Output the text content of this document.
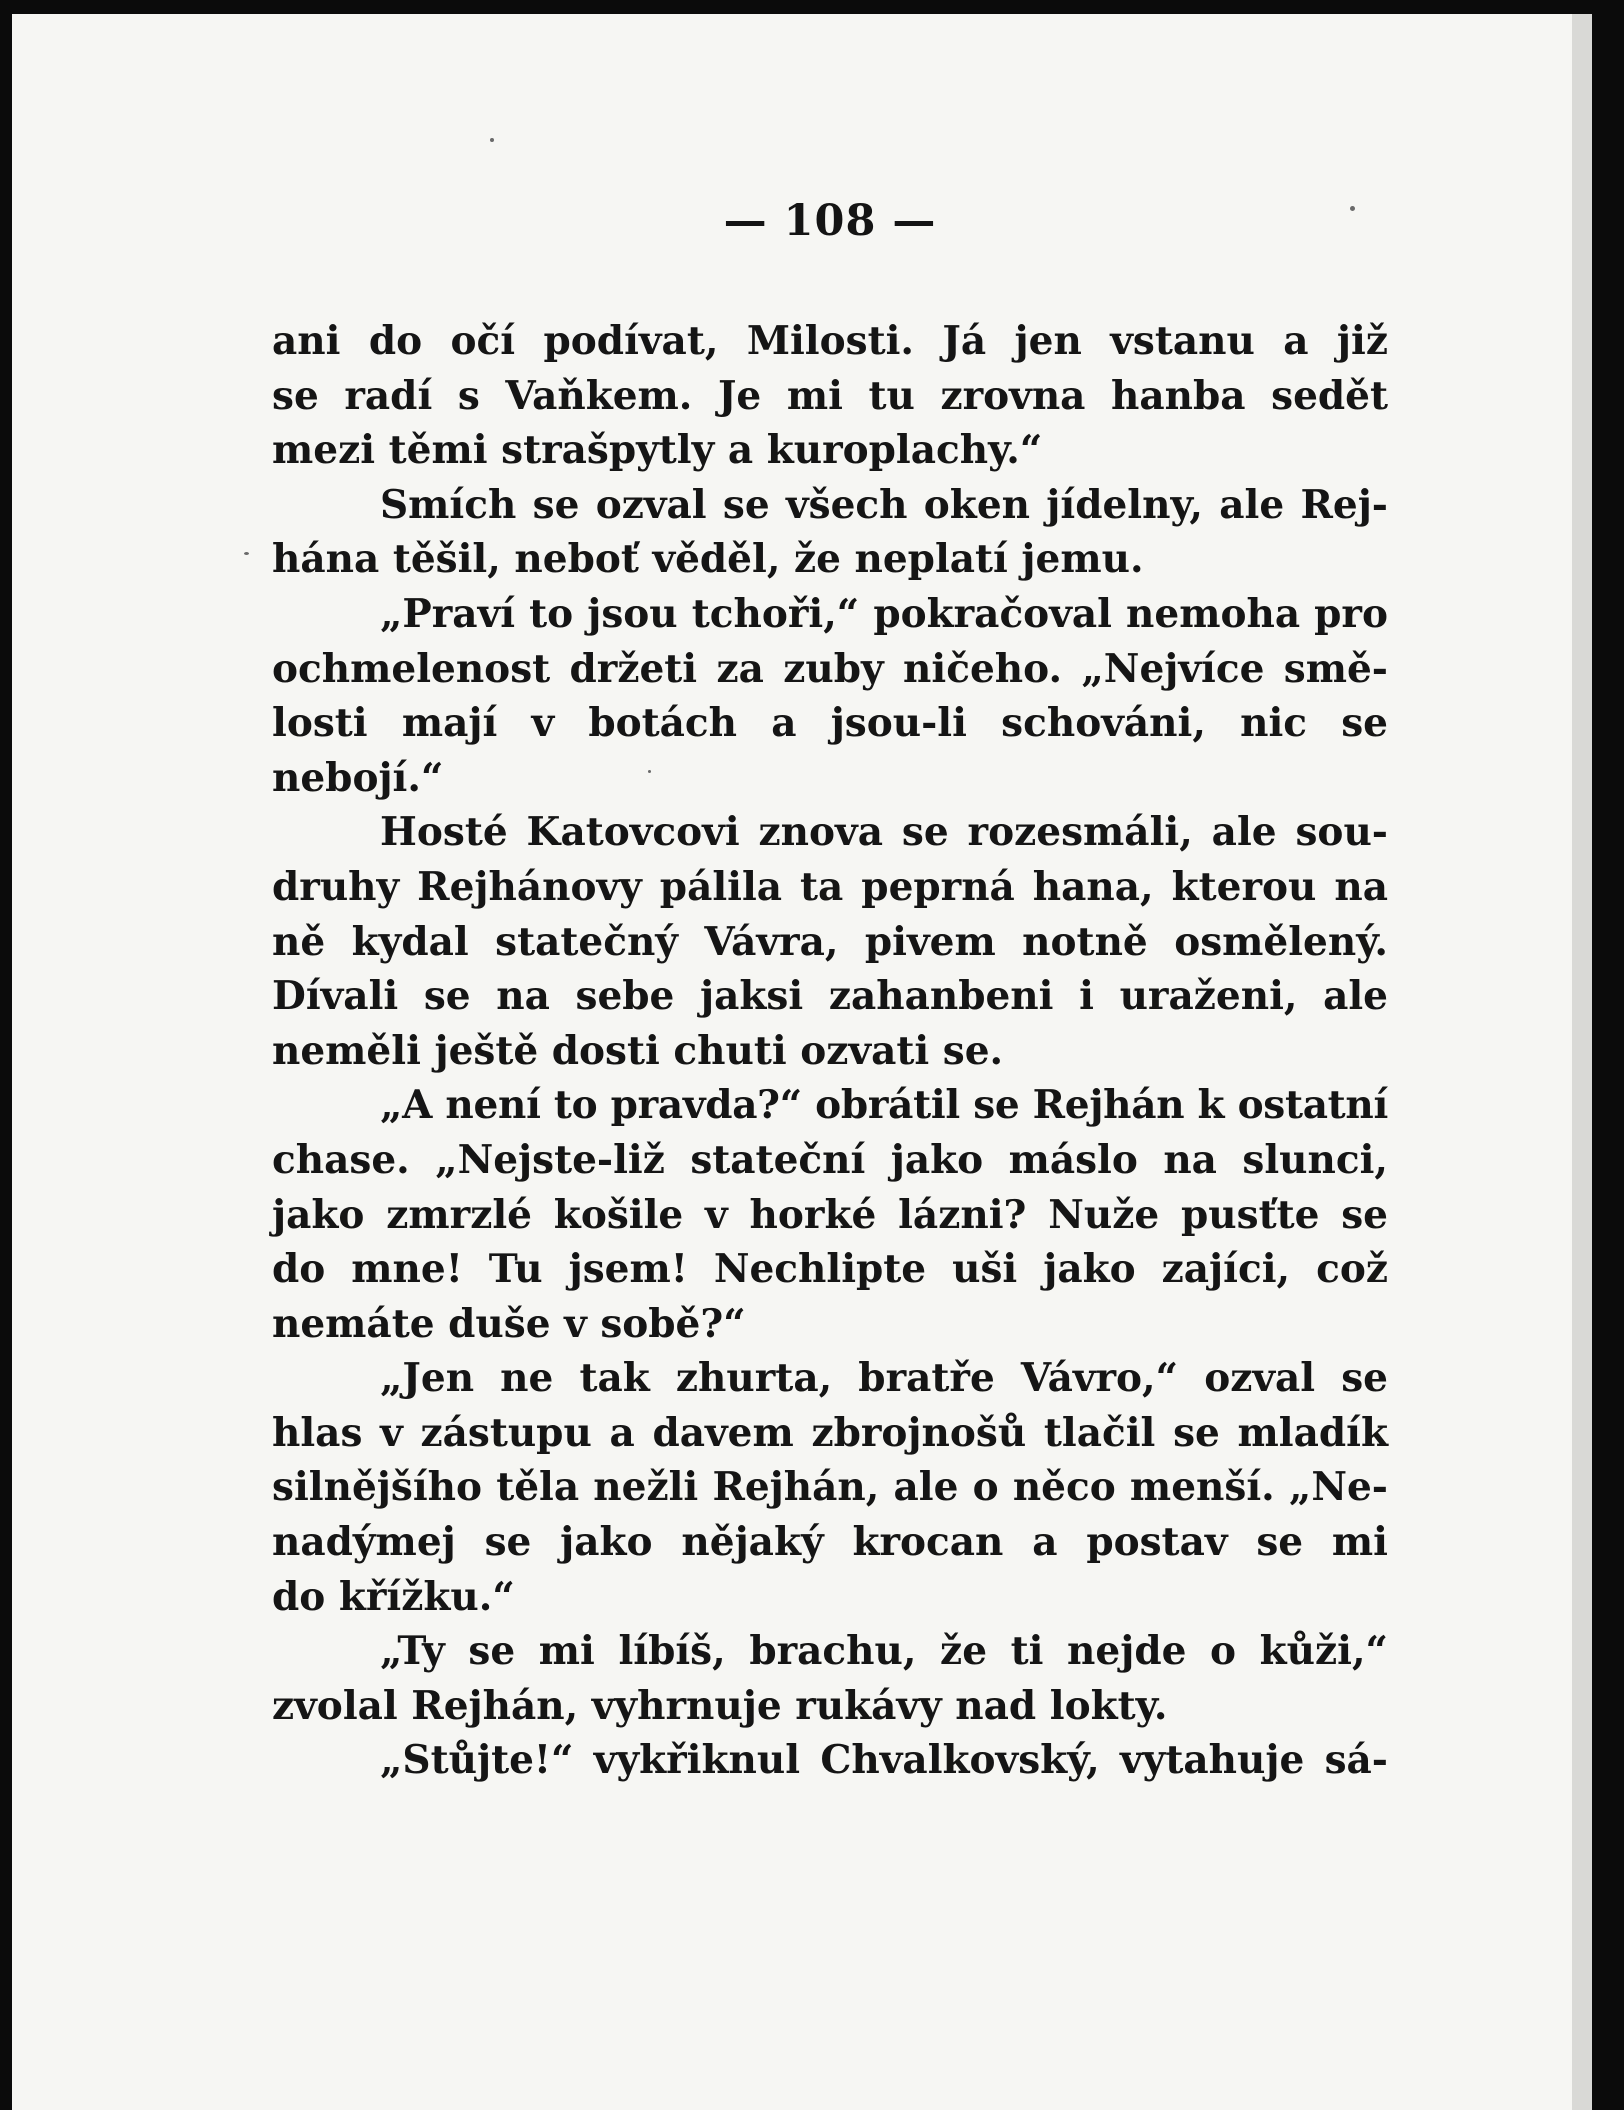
— 108 —
ani do očí podívat, Milosti. Já jen vstanu a již
se radí s Vaňkem. Je mi tu zrovna hanba sedět
mezi těmi strašpytly a kuroplachy.“
Smích se ozval se všech oken jídelny, ale Rej-
hána těšil, neboť věděl, že neplatí jemu.
„Praví to jsou tchoři,“ pokračoval nemoha pro
ochmelenost držeti za zuby ničeho. „Nejvíce smě-
losti mají v botách a jsou-li schováni, nic se
nebojí.“
Hosté Katovcovi znova se rozesmáli, ale sou-
druhy Rejhánovy pálila ta peprná hana, kterou na
ně kydal statečný Vávra, pivem notně osmělený.
Dívali se na sebe jaksi zahanbeni i uraženi, ale
neměli ještě dosti chuti ozvati se.
„A není to pravda?“ obrátil se Rejhán k ostatní
chase. „Nejste-liž stateční jako máslo na slunci,
jako zmrzlé košile v horké lázni? Nuže pusťte se
do mne! Tu jsem! Nechlipte uši jako zajíci, což
nemáte duše v sobě?“
„Jen ne tak zhurta, bratře Vávro,“ ozval se
hlas v zástupu a davem zbrojnošů tlačil se mladík
silnějšího těla nežli Rejhán, ale o něco menší. „Ne-
nadýmej se jako nějaký krocan a postav se mi
do křížku.“
„Ty se mi líbíš, brachu, že ti nejde o kůži,“
zvolal Rejhán, vyhrnuje rukávy nad lokty.
„Stůjte!“ vykřiknul Chvalkovský, vytahuje sá-
